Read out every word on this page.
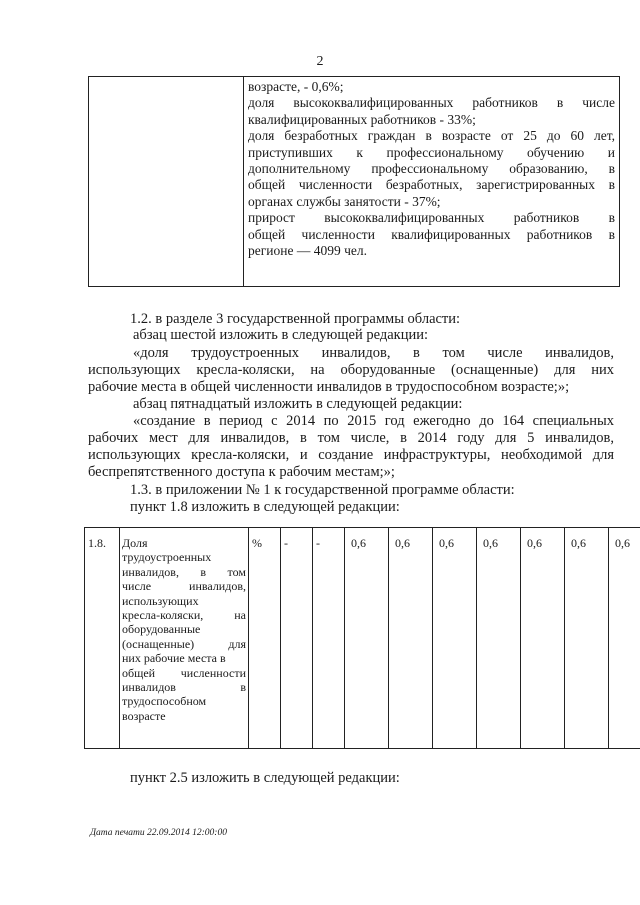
2

возрасте, - 0,6%;
доля высококвалифицированных работников в числе
квалифицированных работников - 33%;
доля безработных граждан в возрасте от 25 до 60 лет,
приступивших к профессиональному обучению и
дополнительному профессиональному образованию, в
общей численности безработных, зарегистрированных в
органах службы занятости - 37%;
прирост высококвалифицированных работников в
общей численности квалифицированных работников в
регионе — 4099 чел.
1.2. в разделе 3 государственной программы области:
абзац шестой изложить в следующей редакции:
«доля трудоустроенных инвалидов, в том числе инвалидов,
использующих кресла-коляски, на оборудованные (оснащенные) для них
рабочие места в общей численности инвалидов в трудоспособном возрасте;»;
абзац пятнадцатый изложить в следующей редакции:
«создание в период с 2014 по 2015 год ежегодно до 164 специальных
рабочих мест для инвалидов, в том числе, в 2014 году для 5 инвалидов,
использующих кресла-коляски, и создание инфраструктуры, необходимой для
беспрепятственного доступа к рабочим местам;»;
1.3. в приложении № 1 к государственной программе области:
пункт 1.8 изложить в следующей редакции:
1.8.	Доля
трудоустроенных
инвалидов, в том
числе инвалидов,
использующих
кресла-коляски, на
оборудованные
(оснащенные) для
них рабочие места в
общей численности
инвалидов в
трудоспособном
возрасте
	%	-	-	0,6	0,6	0,6	0,6	0,6	0,6	0,6
пункт 2.5 изложить в следующей редакции:
Дата печати 22.09.2014 12:00:00
